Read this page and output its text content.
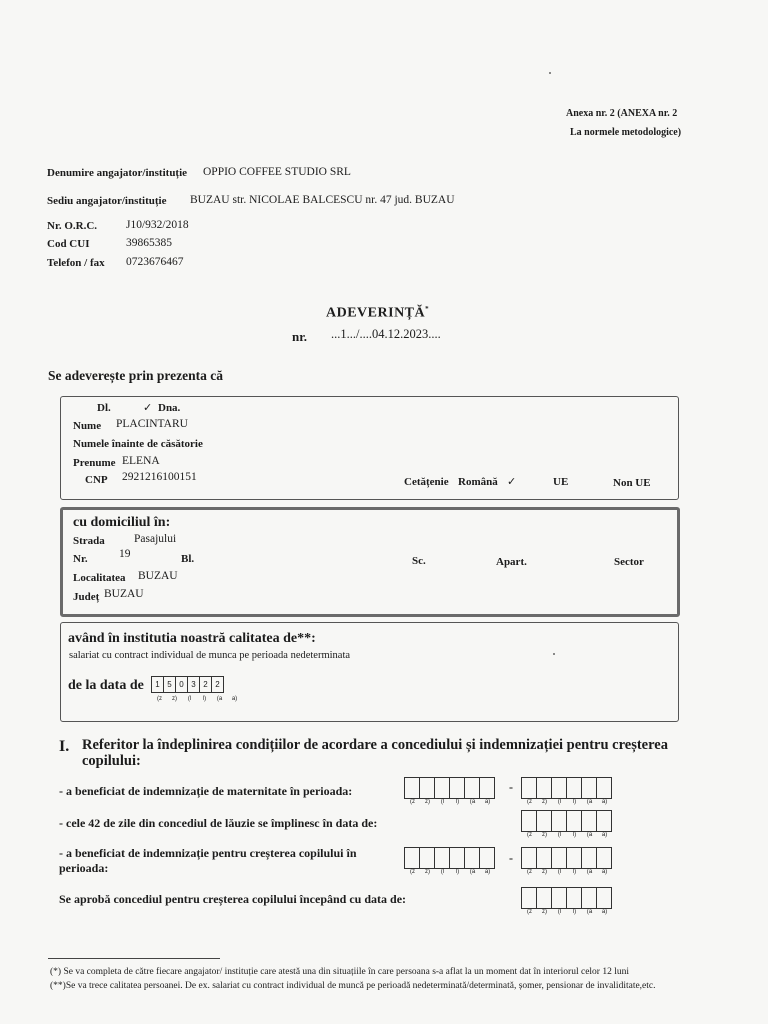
Anexa nr. 2 (ANEXA nr. 2
La normele metodologice)
Denumire angajator/instituție OPPIO COFFEE STUDIO SRL
Sediu angajator/instituție BUZAU str. NICOLAE BALCESCU nr. 47 jud. BUZAU
Nr. O.R.C.	J10/932/2018
Cod CUI	39865385
Telefon / fax 0723676467
ADEVERINȚĂ*
nr. ...1.../....04.12.2023....
Se adeverește prin prezenta că
Dl.	✓ Dna.
Nume PLACINTARU
Numele înainte de căsătorie
Prenume ELENA
CNP 2921216100151	Cetățenie Română ✓	UE	Non UE
cu domiciliul în:
Strada	Pasajului
Nr.	19	Bl.	Sc.	Apart.	Sector
Localitatea BUZAU
Județ BUZAU
având în institutia noastră calitatea de**:
salariat cu contract individual de munca pe perioada nedeterminata
de la data de	1 5 0 3 2 2
(z	z)	(l	l)	(a	a)
I. Referitor la îndeplinirea condițiilor de acordare a concediului și indemnizației pentru creșterea
copilului:
- a beneficiat de indemnizație de maternitate în perioada:
(z	z)	(l	l)	(a	a)
-
(z	z)	(l	l)	(a	a)
- cele 42 de zile din concediul de lăuzie se împlinesc în data de:
(z	z)	(l	l)	(a	a)
- a beneficiat de indemnizație pentru creșterea copilului în
perioada:	(z	z)	(l	l)	(a	a)
-
(z	z)	(l	l)	(a	a)
Se aprobă concediul pentru creșterea copilului începând cu data de:
(z	z)	(l	l)	(a	a)
(*) Se va completa de către fiecare angajator/ instituție care atestă una din situațiile în care persoana s-a aflat la un moment dat în interiorul celor 12 luni
(**)Se va trece calitatea persoanei. De ex. salariat cu contract individual de muncă pe perioadă nedeterminată/determinată, șomer, pensionar de invaliditate,etc.
